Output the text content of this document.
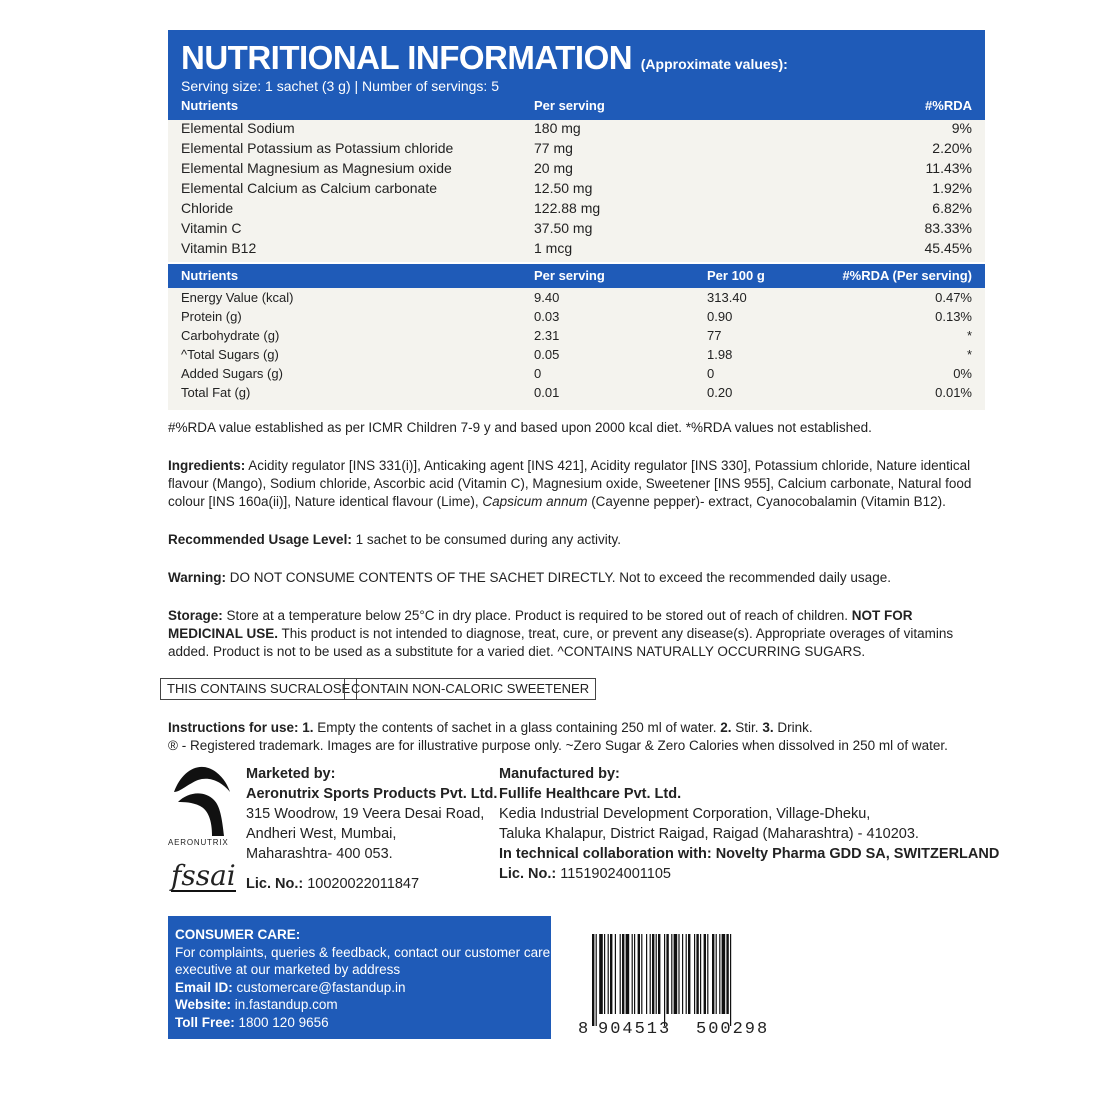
NUTRITIONAL INFORMATION (Approximate values):
Serving size: 1 sachet (3 g) | Number of servings: 5
Nutrients	Per serving	#%RDA
Elemental Sodium	180 mg	9%
Elemental Potassium as Potassium chloride	77 mg	2.20%
Elemental Magnesium as Magnesium oxide	20 mg	11.43%
Elemental Calcium as Calcium carbonate	12.50 mg	1.92%
Chloride	122.88 mg	6.82%
Vitamin C	37.50 mg	83.33%
Vitamin B12	1 mcg	45.45%
Nutrients	Per serving	Per 100 g	#%RDA (Per serving)
Energy Value (kcal)	9.40	313.40	0.47%
Protein (g)	0.03	0.90	0.13%
Carbohydrate (g)	2.31	77	*
^Total Sugars (g)	0.05	1.98	*
Added Sugars (g)	0	0	0%
Total Fat (g)	0.01	0.20	0.01%
#%RDA value established as per ICMR Children 7-9 y and based upon 2000 kcal diet. *%RDA values not established.
Ingredients: Acidity regulator [INS 331(i)], Anticaking agent [INS 421], Acidity regulator [INS 330], Potassium chloride, Nature identical flavour (Mango), Sodium chloride, Ascorbic acid (Vitamin C), Magnesium oxide, Sweetener [INS 955], Calcium carbonate, Natural food colour [INS 160a(ii)], Nature identical flavour (Lime), Capsicum annum (Cayenne pepper)- extract, Cyanocobalamin (Vitamin B12).
Recommended Usage Level: 1 sachet to be consumed during any activity.
Warning: DO NOT CONSUME CONTENTS OF THE SACHET DIRECTLY. Not to exceed the recommended daily usage.
Storage: Store at a temperature below 25°C in dry place. Product is required to be stored out of reach of children. NOT FOR MEDICINAL USE. This product is not intended to diagnose, treat, cure, or prevent any disease(s). Appropriate overages of vitamins added. Product is not to be used as a substitute for a varied diet. ^CONTAINS NATURALLY OCCURRING SUGARS.
THIS CONTAINS SUCRALOSE CONTAIN NON-CALORIC SWEETENER
Instructions for use: 1. Empty the contents of sachet in a glass containing 250 ml of water. 2. Stir. 3. Drink.
® - Registered trademark. Images are for illustrative purpose only. ~Zero Sugar & Zero Calories when dissolved in 250 ml of water.
AERONUTRIX
fssai
Marketed by:
Aeronutrix Sports Products Pvt. Ltd.
315 Woodrow, 19 Veera Desai Road,
Andheri West, Mumbai,
Maharashtra- 400 053.
Lic. No.: 10020022011847
Manufactured by:
Fullife Healthcare Pvt. Ltd.
Kedia Industrial Development Corporation, Village-Dheku,
Taluka Khalapur, District Raigad, Raigad (Maharashtra) - 410203.
In technical collaboration with: Novelty Pharma GDD SA, SWITZERLAND
Lic. No.: 11519024001105
CONSUMER CARE:
For complaints, queries & feedback, contact our customer care
executive at our marketed by address
Email ID: customercare@fastandup.in
Website: in.fastandup.com
Toll Free: 1800 120 9656	8 904513 500298
